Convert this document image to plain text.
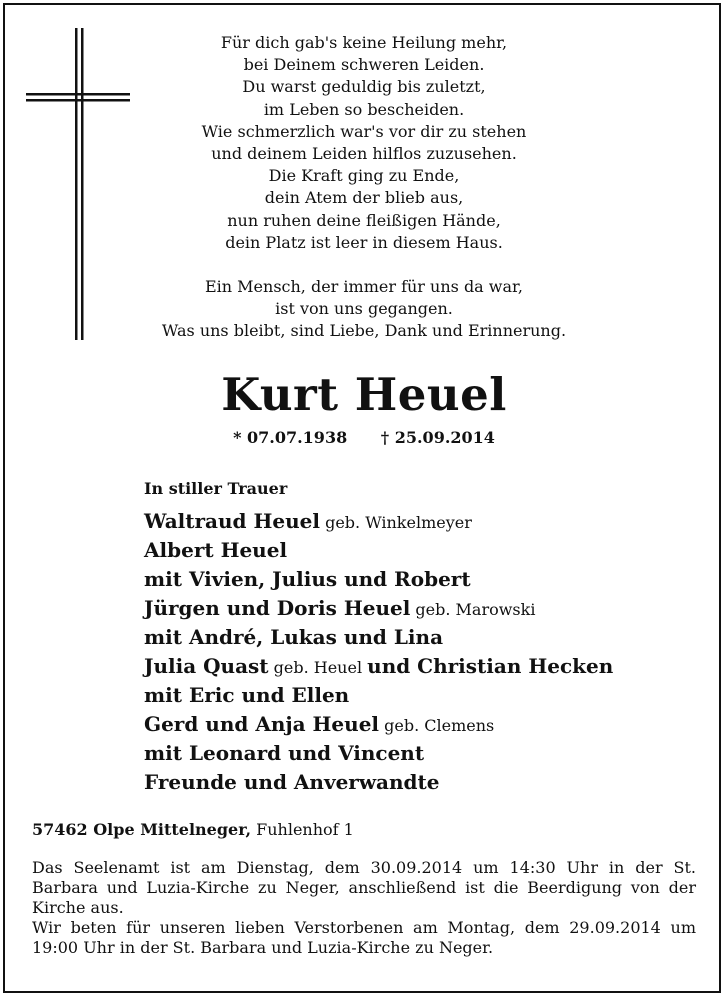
Für dich gab's keine Heilung mehr,
bei Deinem schweren Leiden.
Du warst geduldig bis zuletzt,
im Leben so bescheiden.
Wie schmerzlich war's vor dir zu stehen
und deinem Leiden hilflos zuzusehen.
Die Kraft ging zu Ende,
dein Atem der blieb aus,
nun ruhen deine fleißigen Hände,
dein Platz ist leer in diesem Haus.
Ein Mensch, der immer für uns da war,
ist von uns gegangen.
Was uns bleibt, sind Liebe, Dank und Erinnerung.
Kurt Heuel
* 07.07.1938 † 25.09.2014
In stiller Trauer
Waltraud Heuel geb. Winkelmeyer
Albert Heuel
mit Vivien, Julius und Robert
Jürgen und Doris Heuel geb. Marowski
mit André, Lukas und Lina
Julia Quast geb. Heuel und Christian Hecken
mit Eric und Ellen
Gerd und Anja Heuel geb. Clemens
mit Leonard und Vincent
Freunde und Anverwandte
57462 Olpe Mittelneger, Fuhlenhof 1

Das Seelenamt ist am Dienstag, dem 30.09.2014 um 14:30 Uhr in der St. Barbara und Luzia-Kirche zu Neger, anschließend ist die Beerdigung von der Kirche aus.

Wir beten für unseren lieben Verstorbenen am Montag, dem 29.09.2014 um 19:00 Uhr in der St. Barbara und Luzia-Kirche zu Neger.
